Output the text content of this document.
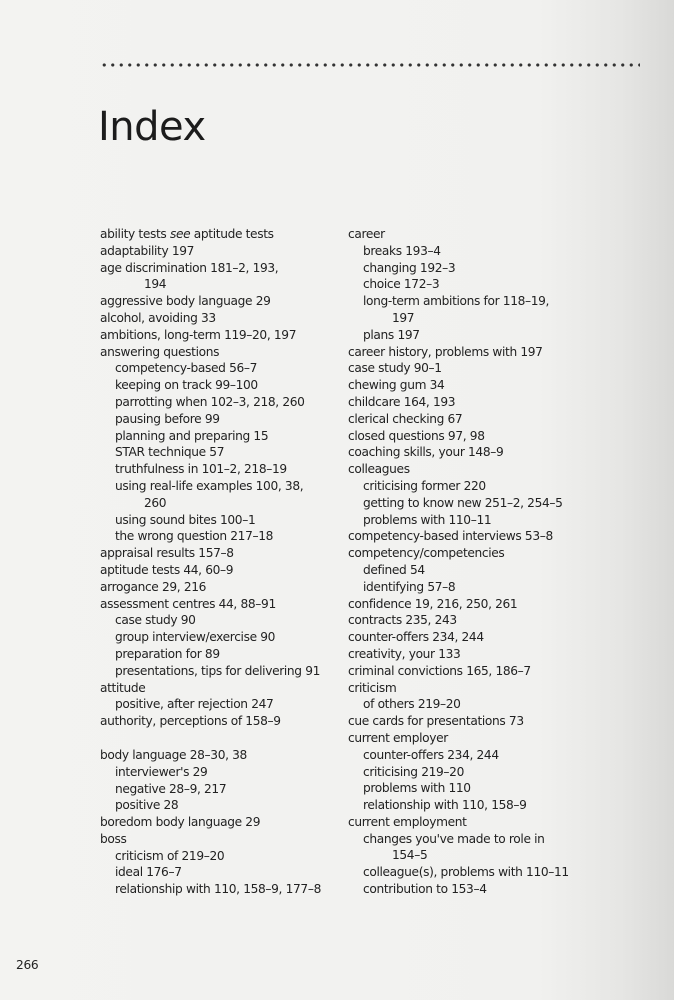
Index
ability tests see aptitude tests
adaptability 197
age discrimination 181–2, 193,
194
aggressive body language 29
alcohol, avoiding 33
ambitions, long-term 119–20, 197
answering questions
competency-based 56–7
keeping on track 99–100
parrotting when 102–3, 218, 260
pausing before 99
planning and preparing 15
STAR technique 57
truthfulness in 101–2, 218–19
using real-life examples 100, 38,
260
using sound bites 100–1
the wrong question 217–18
appraisal results 157–8
aptitude tests 44, 60–9
arrogance 29, 216
assessment centres 44, 88–91
case study 90
group interview/exercise 90
preparation for 89
presentations, tips for delivering 91
attitude
positive, after rejection 247
authority, perceptions of 158–9
body language 28–30, 38
interviewer's 29
negative 28–9, 217
positive 28
boredom body language 29
boss
criticism of 219–20
ideal 176–7
relationship with 110, 158–9, 177–8
career
breaks 193–4
changing 192–3
choice 172–3
long-term ambitions for 118–19,
197
plans 197
career history, problems with 197
case study 90–1
chewing gum 34
childcare 164, 193
clerical checking 67
closed questions 97, 98
coaching skills, your 148–9
colleagues
criticising former 220
getting to know new 251–2, 254–5
problems with 110–11
competency-based interviews 53–8
competency/competencies
defined 54
identifying 57–8
confidence 19, 216, 250, 261
contracts 235, 243
counter-offers 234, 244
creativity, your 133
criminal convictions 165, 186–7
criticism
of others 219–20
cue cards for presentations 73
current employer
counter-offers 234, 244
criticising 219–20
problems with 110
relationship with 110, 158–9
current employment
changes you've made to role in
154–5
colleague(s), problems with 110–11
contribution to 153–4
266
